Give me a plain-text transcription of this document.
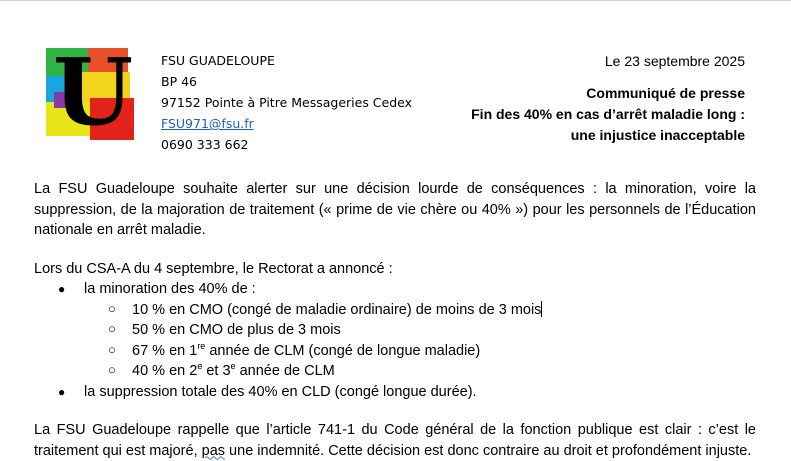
U	FSU GUADELOUPE
BP 46
97152 Pointe à Pitre Messageries Cedex
FSU971@fsu.fr
0690 333 662
Le 23 septembre 2025
Communiqué de presse
Fin des 40% en cas d’arrêt maladie long :
une injustice inacceptable

La FSU Guadeloupe souhaite alerter sur une décision lourde de conséquences : la minoration, voire la suppression, de la majoration de traitement (« prime de vie chère ou 40% ») pour les personnels de l’Éducation nationale en arrêt maladie.

Lors du CSA-A du 4 septembre, le Rectorat a annoncé :

● la minoration des 40% de :
○ 10 % en CMO (congé de maladie ordinaire) de moins de 3 mois
○ 50 % en CMO de plus de 3 mois
○ 67 % en 1re année de CLM (congé de longue maladie)
○ 40 % en 2e et 3e année de CLM
● la suppression totale des 40% en CLD (congé longue durée).

La FSU Guadeloupe rappelle que l’article 741-1 du Code général de la fonction publique est clair : c’est le traitement qui est majoré, pas une indemnité. Cette décision est donc contraire au droit et profondément injuste.
